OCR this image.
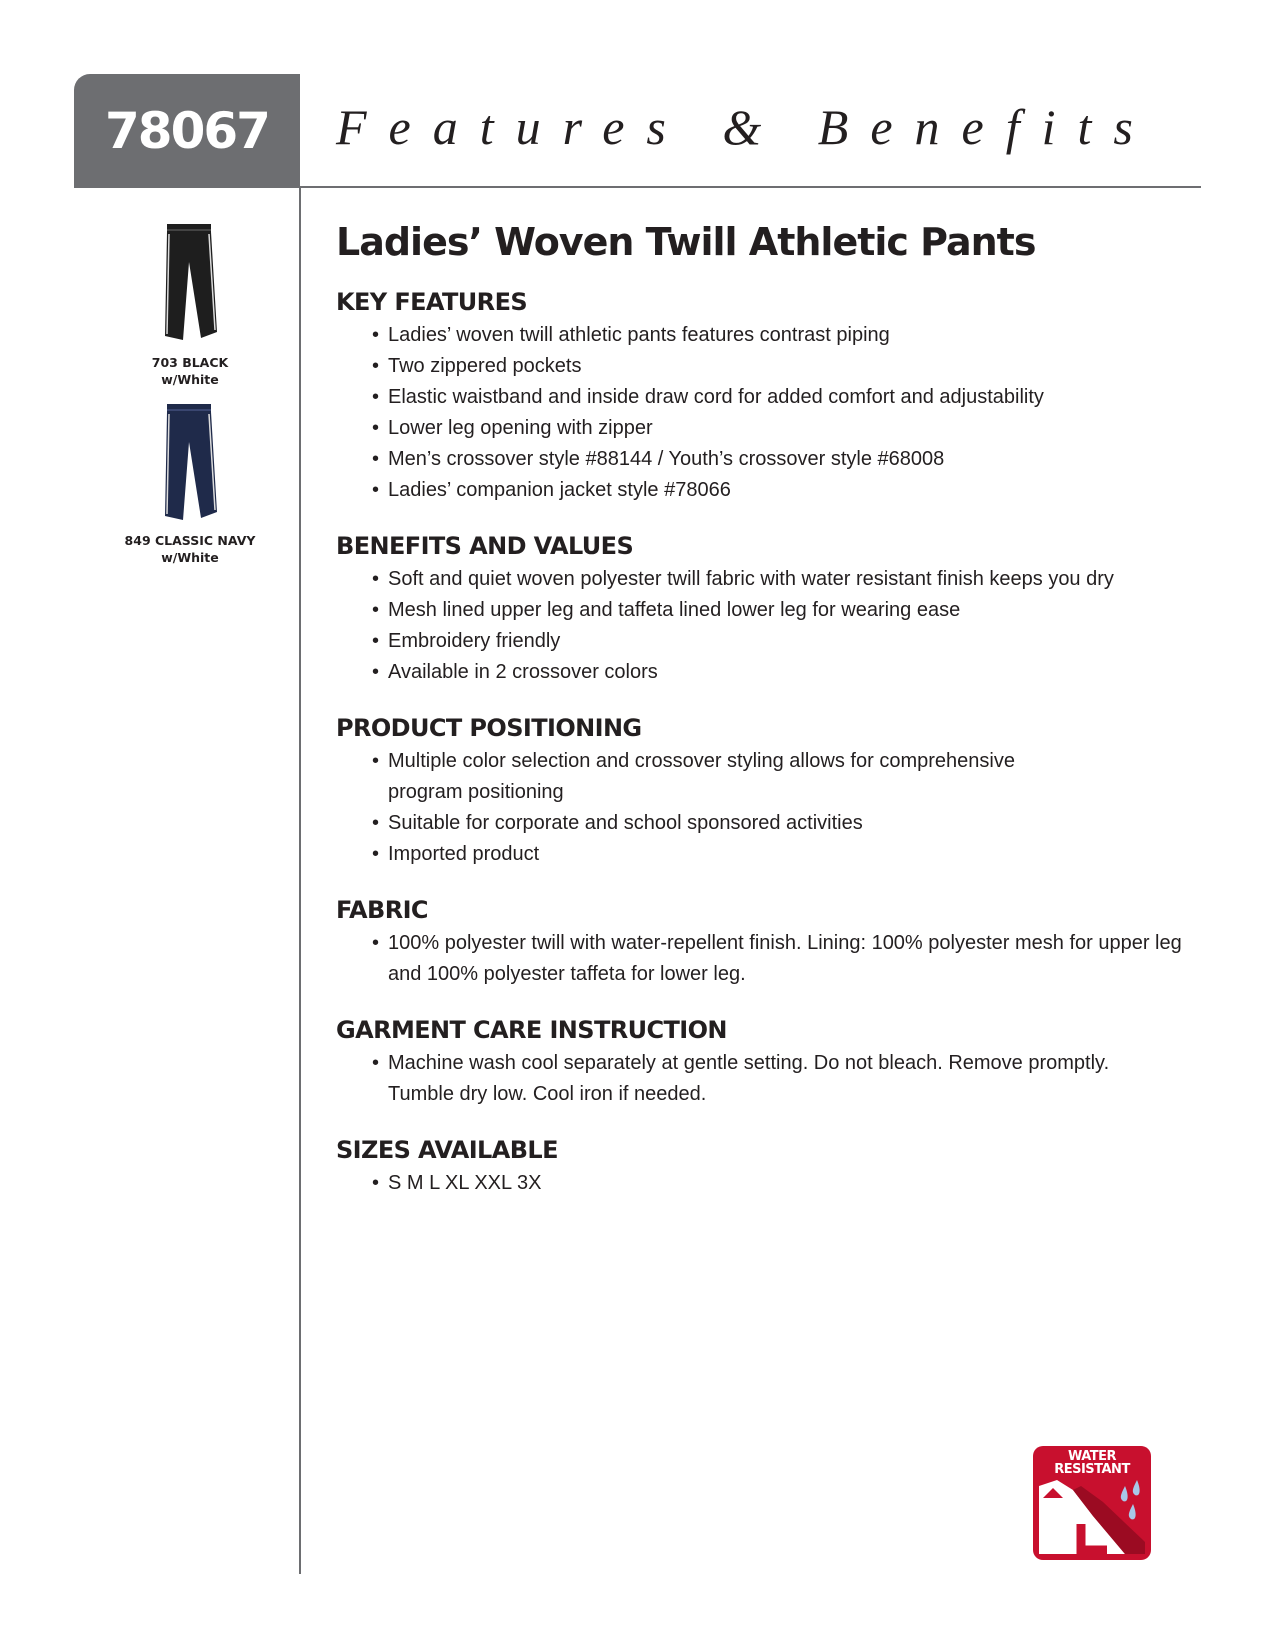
78067 Features & Benefits
703 BLACK
w/White
849 CLASSIC NAVY
w/White
Ladies’ Woven Twill Athletic Pants
KEY FEATURES
• Ladies’ woven twill athletic pants features contrast piping
• Two zippered pockets
• Elastic waistband and inside draw cord for added comfort and adjustability
• Lower leg opening with zipper
• Men’s crossover style #88144 / Youth’s crossover style #68008
• Ladies’ companion jacket style #78066
BENEFITS AND VALUES
• Soft and quiet woven polyester twill fabric with water resistant finish keeps you dry
• Mesh lined upper leg and taffeta lined lower leg for wearing ease
• Embroidery friendly
• Available in 2 crossover colors
PRODUCT POSITIONING
• Multiple color selection and crossover styling allows for comprehensive program positioning
• Suitable for corporate and school sponsored activities
• Imported product
FABRIC
• 100% polyester twill with water-repellent finish. Lining: 100% polyester mesh for upper leg and 100% polyester taffeta for lower leg.
GARMENT CARE INSTRUCTION
• Machine wash cool separately at gentle setting. Do not bleach. Remove promptly. Tumble dry low. Cool iron if needed.
SIZES AVAILABLE
• S M L XL XXL 3X
WATER
RESISTANT
